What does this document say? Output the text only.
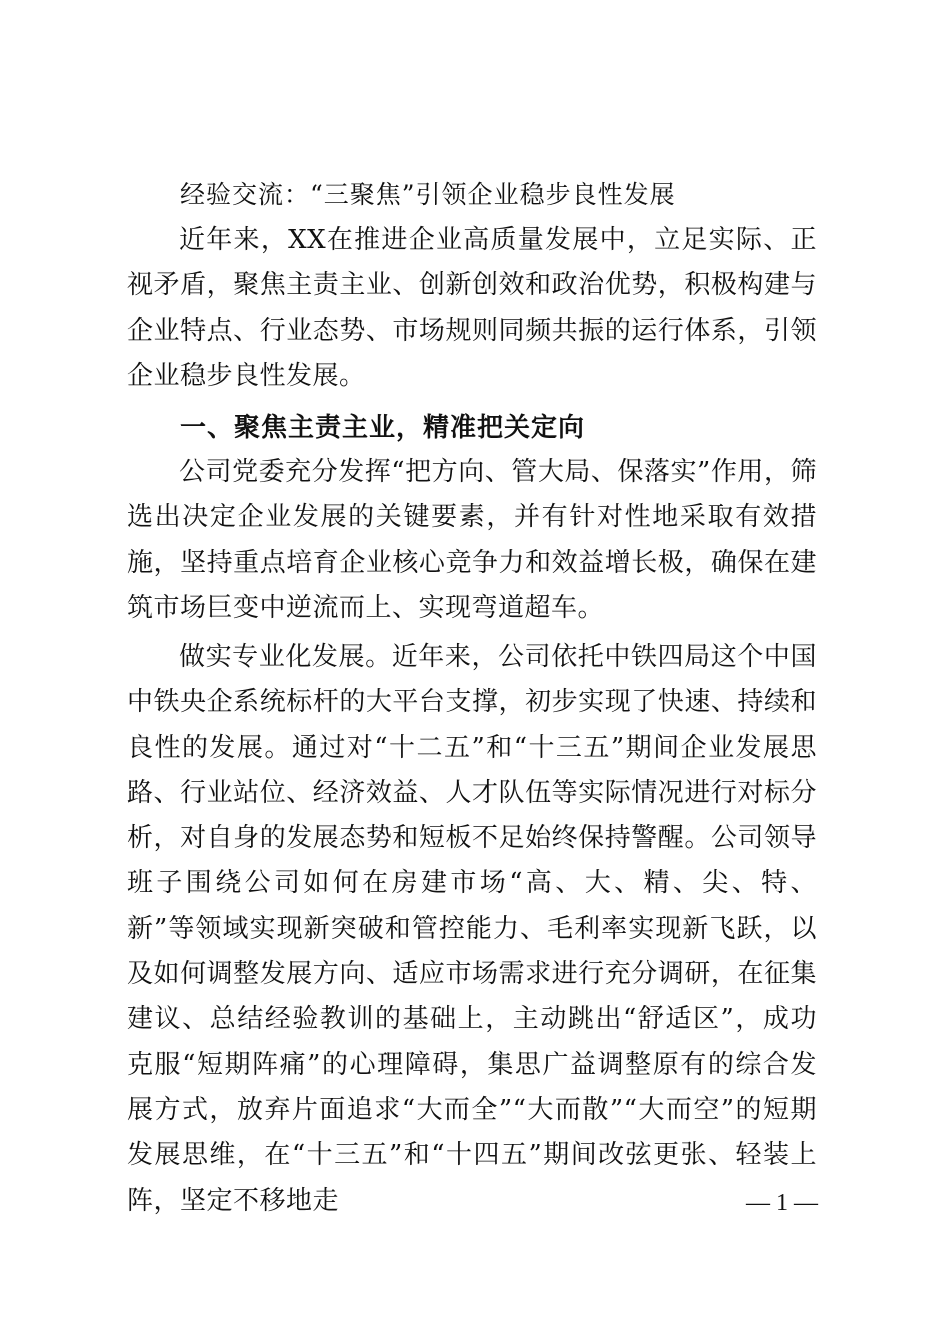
经验交流：“三聚焦”引领企业稳步良性发展

近年来，XX在推进企业高质量发展中，立足实际、正视矛盾，聚焦主责主业、创新创效和政治优势，积极构建与企业特点、行业态势、市场规则同频共振的运行体系，引领企业稳步良性发展。

一、聚焦主责主业，精准把关定向

公司党委充分发挥“把方向、管大局、保落实”作用，筛选出决定企业发展的关键要素，并有针对性地采取有效措施，坚持重点培育企业核心竞争力和效益增长极，确保在建筑市场巨变中逆流而上、实现弯道超车。

做实专业化发展。近年来，公司依托中铁四局这个中国中铁央企系统标杆的大平台支撑，初步实现了快速、持续和良性的发展。通过对“十二五”和“十三五”期间企业发展思路、行业站位、经济效益、人才队伍等实际情况进行对标分析，对自身的发展态势和短板不足始终保持警醒。公司领导班子围绕公司如何在房建市场“高、大、精、尖、特、新”等领域实现新突破和管控能力、毛利率实现新飞跃，以及如何调整发展方向、适应市场需求进行充分调研，在征集建议、总结经验教训的基础上，主动跳出“舒适区”，成功克服“短期阵痛”的心理障碍，集思广益调整原有的综合发展方式，放弃片面追求“大而全”“大而散”“大而空”的短期发展思维，在“十三五”和“十四五”期间改弦更张、轻装上阵，坚定不移地走	— 1 —
